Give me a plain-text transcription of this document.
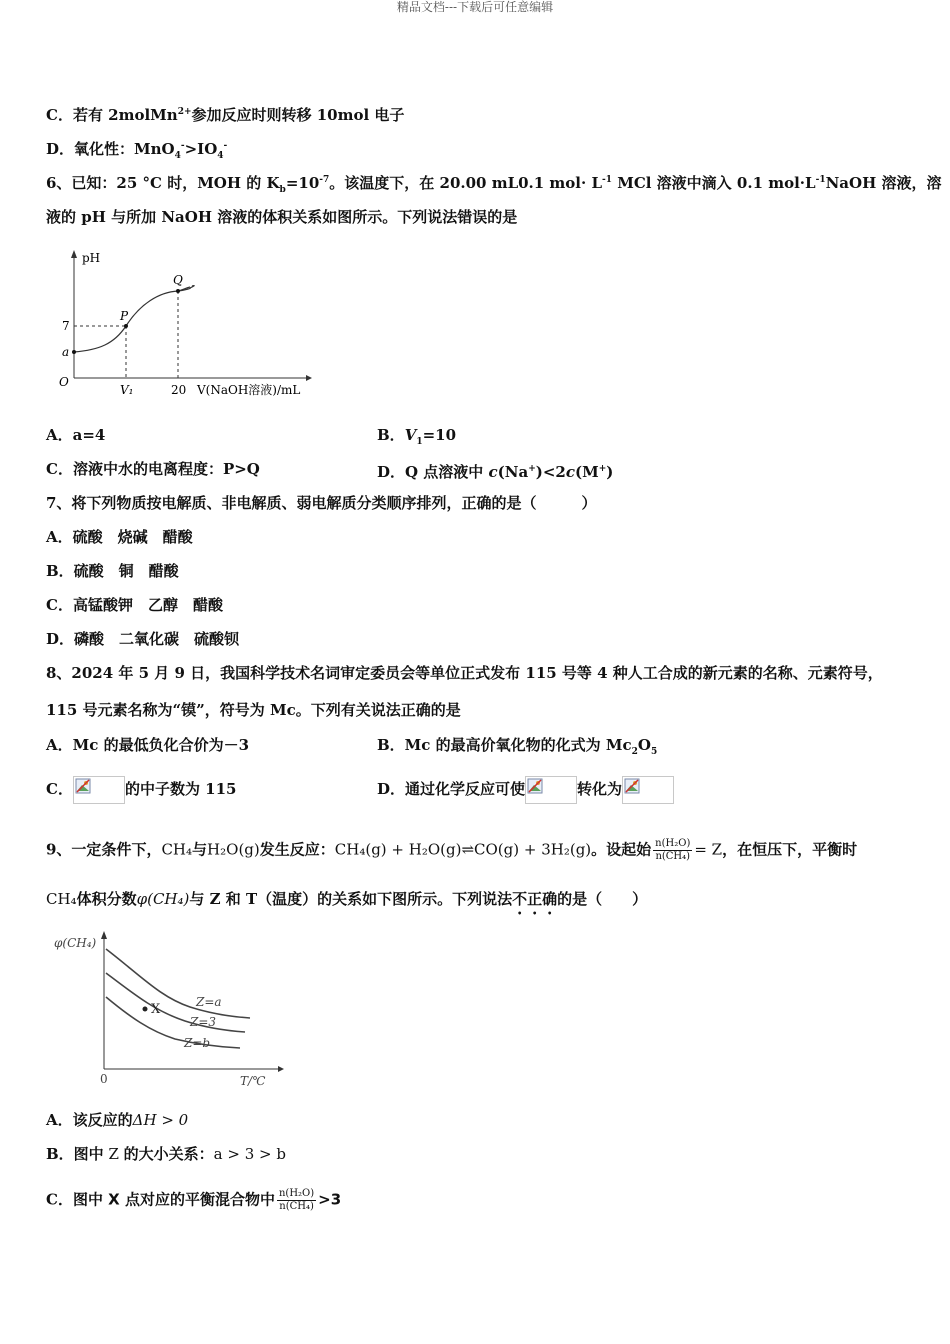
精品文档---下载后可任意编辑
C．若有 2molMn$^{2+}$参加反应时则转移 10mol 电子
D．氧化性：$MnO_4^->IO_4^-$
6、已知：25 °C 时，MOH 的 $K_b=10^{-7}$。该温度下，在 20.00 mL0.1 $mol\cdot L^{-1}$ MCl 溶液中滴入 0.1 $mol\cdot L^{-1}NaOH$ 溶液，溶
液的 pH 与所加 NaOH 溶液的体积关系如图所示。下列说法错误的是
pH
O
V(NaOH溶液)/mL
a
7
V₁	20
P
Q
A．a=4	B．$V_1=10$
C．溶液中水的电离程度：P>Q	D．Q 点溶液中 c(Na+)<2c(M+)
7、将下列物质按电解质、非电解质、弱电解质分类顺序排列，正确的是（　　　）
A．硫酸　烧碱　醋酸
B．硫酸　铜　醋酸
C．高锰酸钾　乙醇　醋酸
D．磷酸　二氧化碳　硫酸钡
8、2024 年 5 月 9 日，我国科学技术名词审定委员会等单位正式发布 115 号等 4 种人工合成的新元素的名称、元素符号，
115 号元素名称为“镆”，符号为 Mc。下列有关说法正确的是
A．Mc 的最低负化合价为－3	B．Mc 的最高价氧化物的化式为 $Mc_2O_5$
C．	的中子数为 115	D．通过化学反应可使	转化为
9、一定条件下，CH₄与H₂O(g)发生反应：CH₄(g) + H₂O(g)⇌CO(g) + 3H₂(g)。设起始 $\frac{\text{n(H₂O)}}{\text{n(CH₄)}} = Z$，在恒压下，平衡时
CH₄体积分数φ(CH₄)与 Z 和 T（温度）的关系如下图所示。下列说法不正确的是（　　）
φ(CH₄)
0	T/℃
Z=a
Z=3
Z=b
X
A．该反应的ΔH > 0
B．图中 Z 的大小关系：a > 3 > b
C．图中 X 点对应的平衡混合物中 $\frac{\text{n(H₂O)}}{\text{n(CH₄)}} >3$
